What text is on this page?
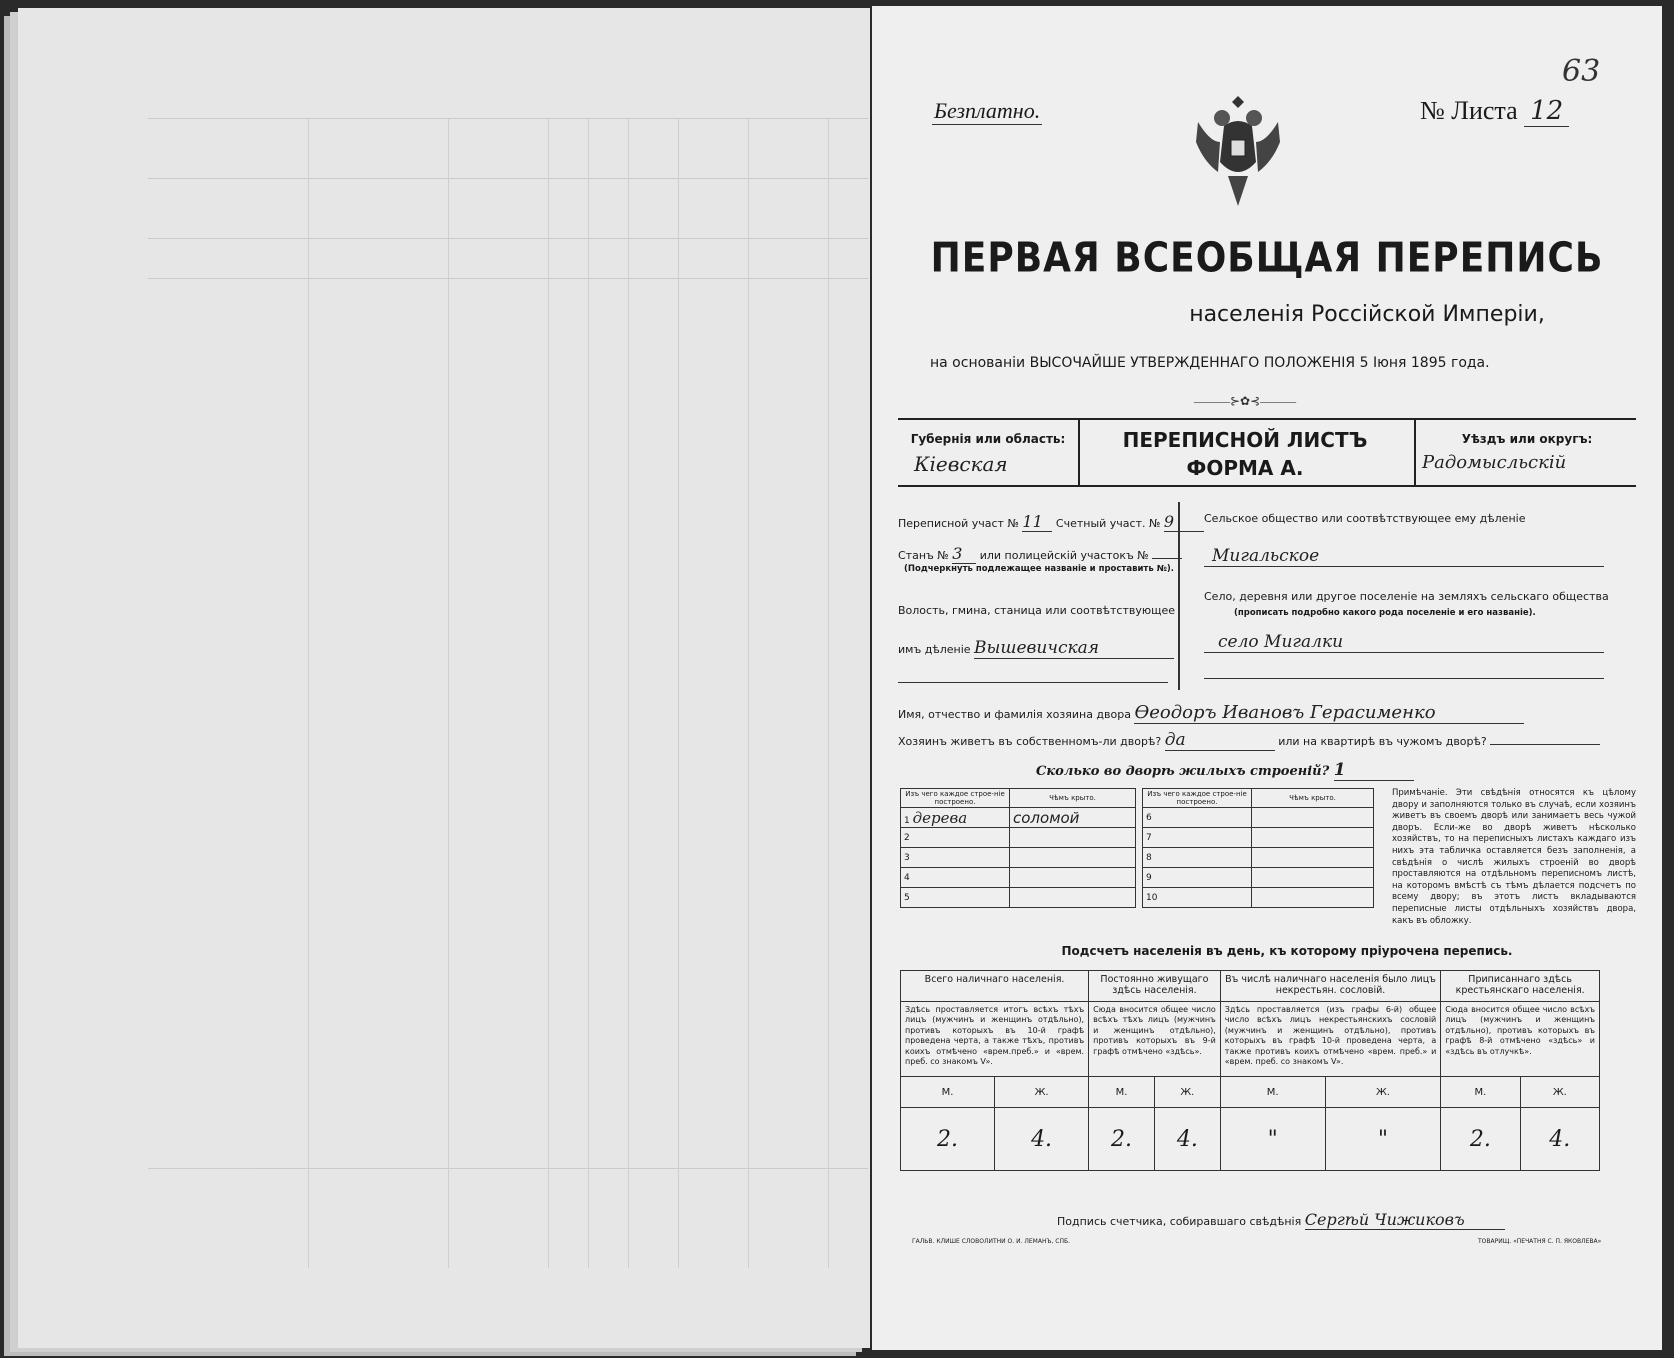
Безплатно.	№ Листа 12
63
ПЕРВАЯ ВСЕОБЩАЯ ПЕРЕПИСЬ
населенія Россійской Имперіи,
на основаніи ВЫСОЧАЙШЕ УТВЕРЖДЕННАГО ПОЛОЖЕНІЯ 5 Іюня 1895 года.
———⊱✿⊰———
Губернія или область:
Кіевская
ПЕРЕПИСНОЙ ЛИСТЪ
ФОРМА А.
Уѣздъ или округъ:
Радомысльскій
Переписной участ № 11 Счетный участ. № 9
Станъ № 3 или полицейскій участокъ №
(Подчеркнуть подлежащее названіе и проставить №).
Волость, гмина, станица или соотвѣтствующее
имъ дѣленіе Вышевичская
Сельское общество или соотвѣтствующее ему дѣленіе
Мигальское
Село, деревня или другое поселеніе на земляхъ сельскаго общества
(прописать подробно какого рода поселеніе и его названіе).
село Мигалки
Имя, отчество и фамилія хозяина двора Ѳеодоръ Ивановъ Герасименко
Хозяинъ живетъ въ собственномъ-ли дворѣ? да	или на квартирѣ въ чужомъ дворѣ?
Сколько во дворѣ жилыхъ строеній? 1
Изъ чего каждое строе-ніе построено.	Чѣмъ крыто.
1 дерева	соломой
2	
3	
4	
5	
Изъ чего каждое строе-ніе построено.	Чѣмъ крыто.
6	
7	
8	
9	
10	
Примѣчаніе. Эти свѣдѣнія относятся къ цѣлому двору и заполняются только въ случаѣ, если хозяинъ живетъ въ своемъ дворѣ или занимаетъ весь чужой дворъ. Если-же во дворѣ живетъ нѣсколько хозяйствъ, то на переписныхъ листахъ каждаго изъ нихъ эта табличка оставляется безъ заполненія, а свѣдѣнія о числѣ жилыхъ строеній во дворѣ проставляются на отдѣльномъ переписномъ листѣ, на которомъ вмѣстѣ съ тѣмъ дѣлается подсчетъ по всему двору; въ этотъ листъ вкладываются переписные листы отдѣльныхъ хозяйствъ двора, какъ въ обложку.
Подсчетъ населенія въ день, къ которому пріурочена перепись.
Всего наличнаго населенія.		Постоянно живущаго здѣсь населенія.		Въ числѣ наличнаго населенія было лицъ некрестьян. сословій.		Приписаннаго здѣсь крестьянскаго населенія.	
Здѣсь проставляется итогъ всѣхъ тѣхъ лицъ (мужчинъ и женщинъ отдѣльно), противъ которыхъ въ 10-й графѣ проведена черта, а также тѣхъ, противъ коихъ отмѣчено «врем.преб.» и «врем. преб. со знакомъ V».		Сюда вносится общее число всѣхъ тѣхъ лицъ (мужчинъ и женщинъ отдѣльно), противъ которыхъ въ 9-й графѣ отмѣчено «здѣсь».		Здѣсь проставляется (изъ графы 6-й) общее число всѣхъ лицъ некрестьянскихъ сословій (мужчинъ и женщинъ отдѣльно), противъ которыхъ въ графѣ 10-й проведена черта, а также противъ коихъ отмѣчено «врем. преб.» и «врем. преб. со знакомъ V».		Сюда вносится общее число всѣхъ лицъ (мужчинъ и женщинъ отдѣльно), противъ которыхъ въ графѣ 8-й отмѣчено «здѣсь» и «здѣсь въ отлучкѣ».	
М.	Ж.	М.	Ж.	М.	Ж.	М.	Ж.
2.	4.	2.	4.	"	"	2.	4.
Подпись счетчика, собиравшаго свѣдѣнія Сергѣй Чижиковъ
ГАЛЬВ. КЛИШЕ СЛОВОЛИТНИ О. И. ЛЕМАНЪ, СПБ.	ТОВАРИЩ. «ПЕЧАТНЯ С. П. ЯКОВЛЕВА»
